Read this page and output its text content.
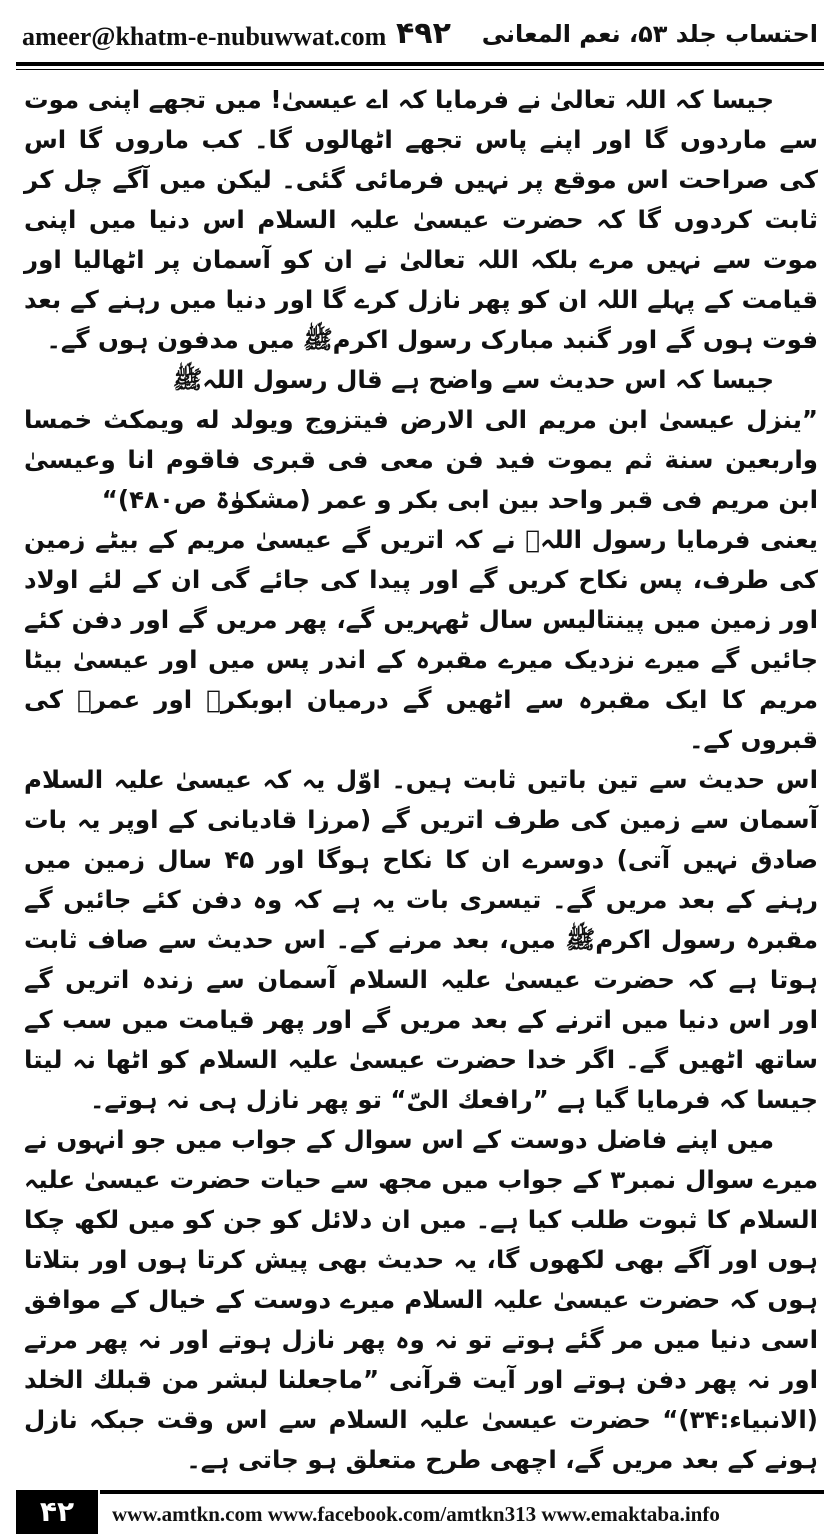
ameer@khatm-e-nubuwwat.com ۴۹۲ احتساب جلد ۵۳، نعم المعانی

جیسا کہ اللہ تعالیٰ نے فرمایا کہ اے عیسیٰ! میں تجھے اپنی موت سے ماردوں گا اور اپنے پاس تجھے اٹھالوں گا۔ کب ماروں گا اس کی صراحت اس موقع پر نہیں فرمائی گئی۔ لیکن میں آگے چل کر ثابت کردوں گا کہ حضرت عیسیٰ علیہ السلام اس دنیا میں اپنی موت سے نہیں مرے بلکہ اللہ تعالیٰ نے ان کو آسمان پر اٹھالیا اور قیامت کے پہلے اللہ ان کو پھر نازل کرے گا اور دنیا میں رہنے کے بعد فوت ہوں گے اور گنبد مبارک رسول اکرمﷺ میں مدفون ہوں گے۔

جیسا کہ اس حدیث سے واضح ہے قال رسول اللہﷺ

”ینزل عیسیٰ ابن مریم الی الارض فیتزوج ویولد له ویمکث خمسا واربعین سنة ثم یموت فید فن معی فی قبری فاقوم انا وعیسیٰ ابن مریم فی قبر واحد بین ابی بکر و عمر (مشکوٰۃ ص۴۸۰)“

یعنی فرمایا رسول اللہﷺ نے کہ اتریں گے عیسیٰ مریم کے بیٹے زمین کی طرف، پس نکاح کریں گے اور پیدا کی جائے گی ان کے لئے اولاد اور زمین میں پینتالیس سال ٹھہریں گے، پھر مریں گے اور دفن کئے جائیں گے میرے نزدیک میرے مقبرہ کے اندر پس میں اور عیسیٰ بیٹا مریم کا ایک مقبرہ سے اٹھیں گے درمیان ابوبکرؓ اور عمرؓ کی قبروں کے۔

اس حدیث سے تین باتیں ثابت ہیں۔ اوّل یہ کہ عیسیٰ علیہ السلام آسمان سے زمین کی طرف اتریں گے (مرزا قادیانی کے اوپر یہ بات صادق نہیں آتی) دوسرے ان کا نکاح ہوگا اور ۴۵ سال زمین میں رہنے کے بعد مریں گے۔ تیسری بات یہ ہے کہ وہ دفن کئے جائیں گے مقبرہ رسول اکرمﷺ میں، بعد مرنے کے۔ اس حدیث سے صاف ثابت ہوتا ہے کہ حضرت عیسیٰ علیہ السلام آسمان سے زندہ اتریں گے اور اس دنیا میں اترنے کے بعد مریں گے اور پھر قیامت میں سب کے ساتھ اٹھیں گے۔ اگر خدا حضرت عیسیٰ علیہ السلام کو اٹھا نہ لیتا جیسا کہ فرمایا گیا ہے ”رافعك الیّ“ تو پھر نازل ہی نہ ہوتے۔

میں اپنے فاضل دوست کے اس سوال کے جواب میں جو انہوں نے میرے سوال نمبر۳ کے جواب میں مجھ سے حیات حضرت عیسیٰ علیہ السلام کا ثبوت طلب کیا ہے۔ میں ان دلائل کو جن کو میں لکھ چکا ہوں اور آگے بھی لکھوں گا، یہ حدیث بھی پیش کرتا ہوں اور بتلاتا ہوں کہ حضرت عیسیٰ علیہ السلام میرے دوست کے خیال کے موافق اسی دنیا میں مر گئے ہوتے تو نہ وہ پھر نازل ہوتے اور نہ پھر مرتے اور نہ پھر دفن ہوتے اور آیت قرآنی ”ماجعلنا لبشر من قبلك الخلد (الانبیاء:۳۴)“ حضرت عیسیٰ علیہ السلام سے اس وقت جبکہ نازل ہونے کے بعد مریں گے، اچھی طرح متعلق ہو جاتی ہے۔

۴۲	www.amtkn.com www.facebook.com/amtkn313 www.emaktaba.info
